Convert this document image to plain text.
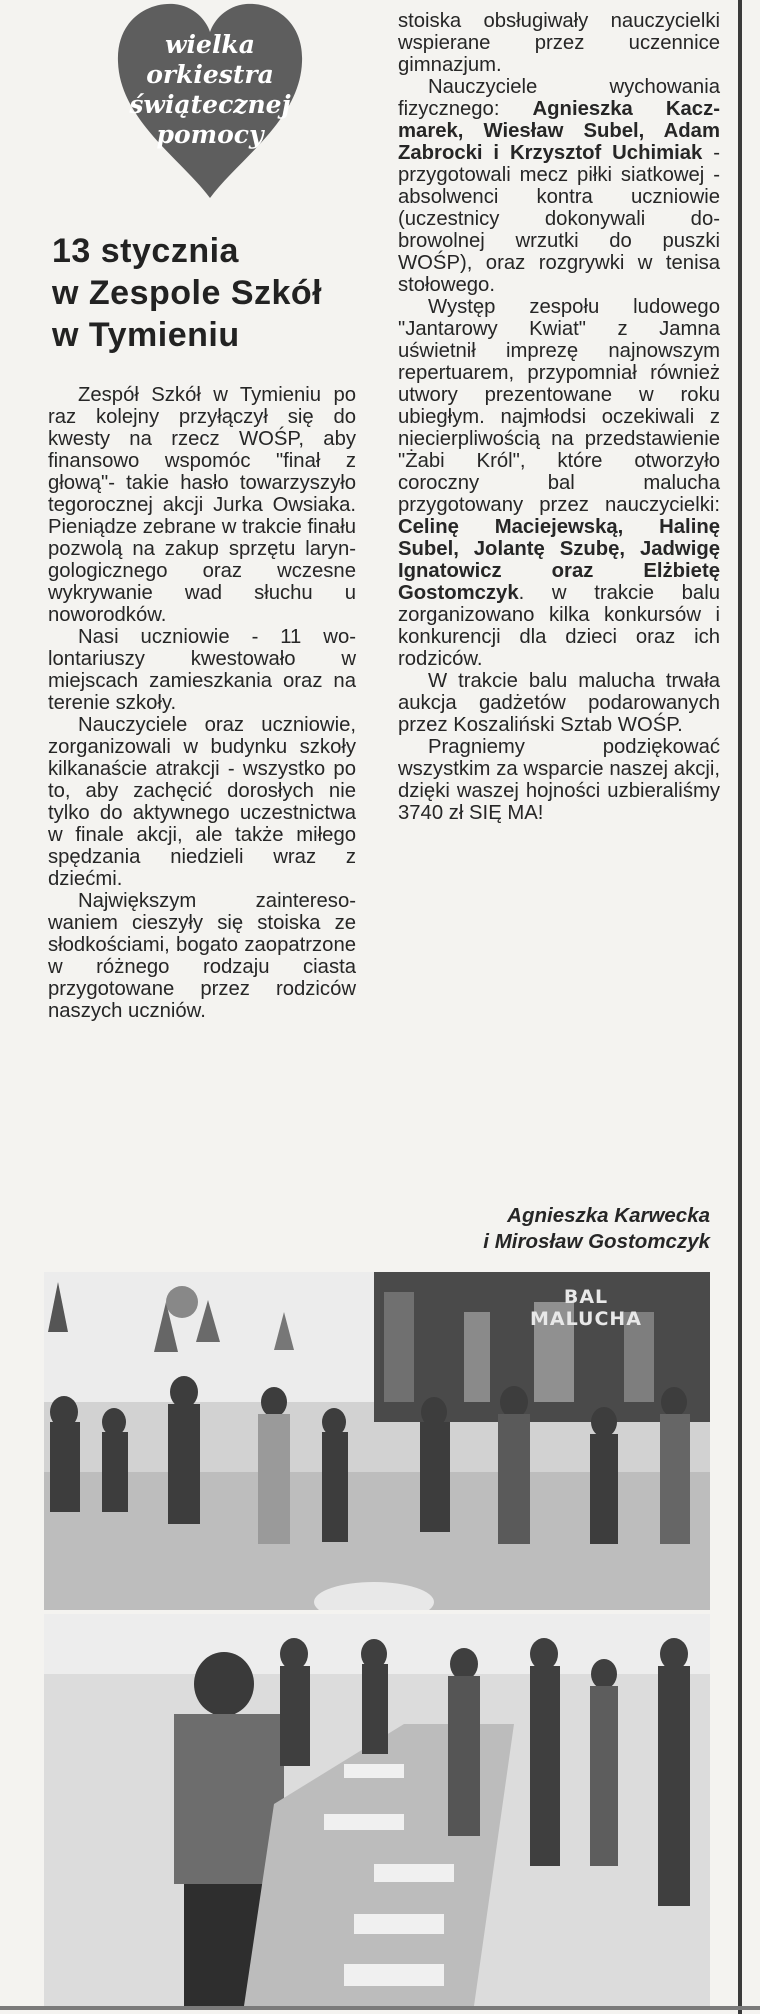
wielka orkiestra
świątecznej
pomocy
13 stycznia
w Zespole Szkół
w Tymieniu

Zespół Szkół w Tymieniu po raz kolejny przyłączył się do kwesty na rzecz WOŚP, aby finansowo wspomóc "finał z głową"- takie hasło towarzyszyło tegorocznej akcji Jurka Owsiaka. Pieniądze zebrane w trakcie finału pozwolą na zakup sprzętu laryngologicznego oraz wczesne wykrywanie wad słuchu u noworodków.

Nasi uczniowie - 11 wolontariuszy kwestowało w miejscach zamieszkania oraz na terenie szkoły.

Nauczyciele oraz uczniowie, zorganizowali w budynku szkoły kilkanaście atrakcji - wszystko po to, aby zachęcić dorosłych nie tylko do aktywnego uczestnictwa w finale akcji, ale także miłego spędzania niedzieli wraz z dziećmi.

Największym zainteresowaniem cieszyły się stoiska ze słodkościami, bogato zaopatrzone w różnego rodzaju ciasta przygotowane przez rodziców naszych uczniów.

stoiska obsługiwały nauczycielki wspierane przez uczennice gimnazjum.

Nauczyciele wychowania fizycznego: Agnieszka Kaczmarek, Wiesław Subel, Adam Zabrocki i Krzysztof Uchimiak - przygotowali mecz piłki siatkowej - absolwenci kontra uczniowie (uczestnicy dokonywali dobrowolnej wrzutki do puszki WOŚP), oraz rozgrywki w tenisa stołowego.

Występ zespołu ludowego "Jantarowy Kwiat" z Jamna uświetnił imprezę najnowszym repertuarem, przypomniał również utwory prezentowane w roku ubiegłym. najmłodsi oczekiwali z niecierpliwością na przedstawienie "Żabi Król", które otworzyło coroczny bal malucha przygotowany przez nauczycielki: Celinę Maciejewską, Halinę Subel, Jolantę Szubę, Jadwigę Ignatowicz oraz Elżbietę Gostomczyk. w trakcie balu zorganizowano kilka konkursów i konkurencji dla dzieci oraz ich rodziców.

W trakcie balu malucha trwała aukcja gadżetów podarowanych przez Koszaliński Sztab WOŚP.

Pragniemy podziękować wszystkim za wsparcie naszej akcji, dzięki waszej hojności uzbieraliśmy 3740 zł SIĘ MA!

Agnieszka Karwecka
i Mirosław Gostomczyk
BAL MALUCHA
